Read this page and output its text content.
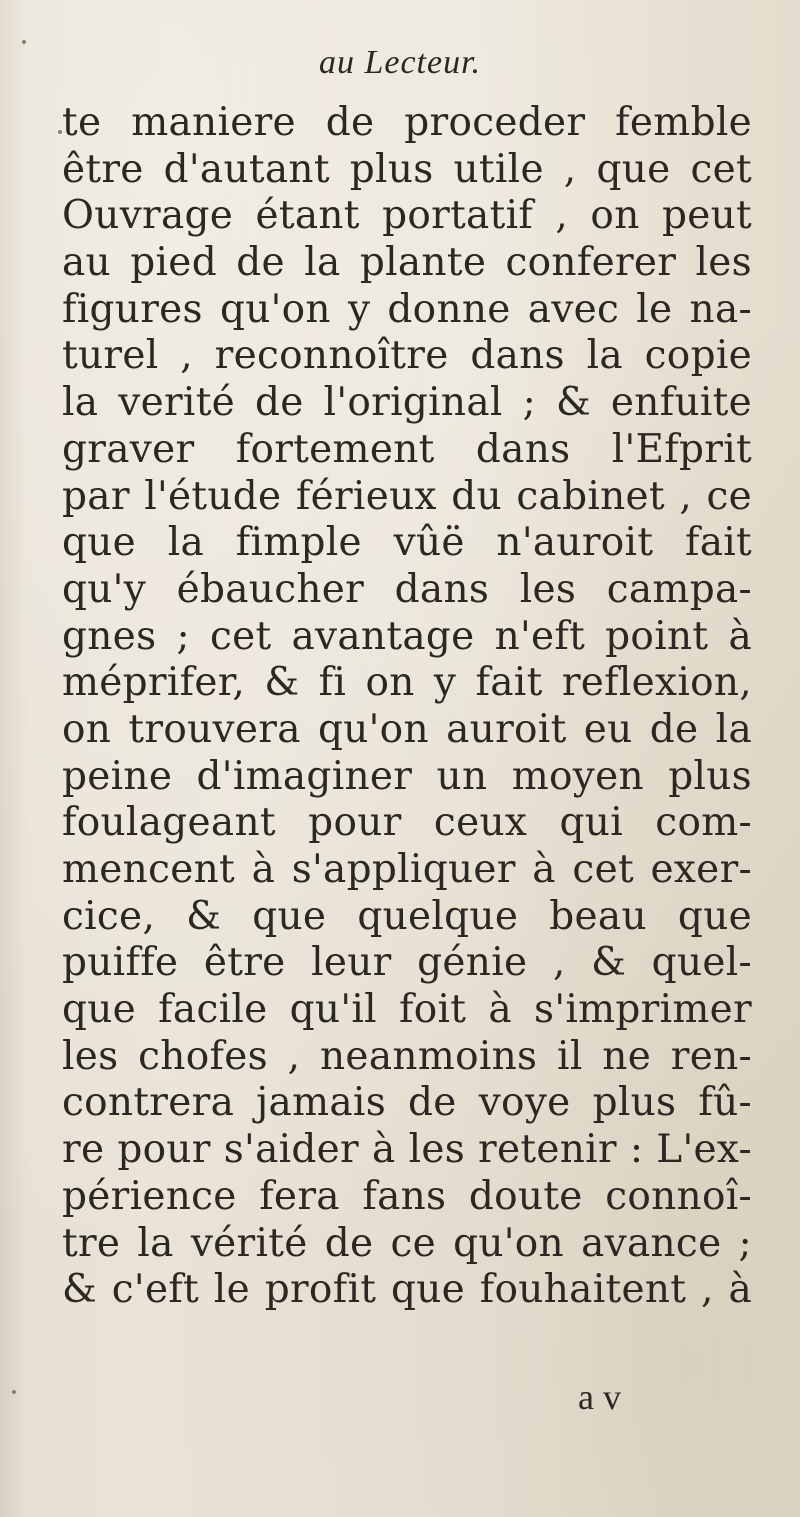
au Lecteur.
te maniere de proceder femble
être d'autant plus utile , que cet
Ouvrage étant portatif , on peut
au pied de la plante conferer les
figures qu'on y donne avec le na-
turel , reconnoître dans la copie
la verité de l'original ; & enfuite
graver fortement dans l'Efprit
par l'étude férieux du cabinet , ce
que la fimple vûë n'auroit fait
qu'y ébaucher dans les campa-
gnes ; cet avantage n'eft point à
méprifer, & fi on y fait reflexion,
on trouvera qu'on auroit eu de la
peine d'imaginer un moyen plus
foulageant pour ceux qui com-
mencent à s'appliquer à cet exer-
cice, & que quelque beau que
puiffe être leur génie , & quel-
que facile qu'il foit à s'imprimer
les chofes , neanmoins il ne ren-
contrera jamais de voye plus fû-
re pour s'aider à les retenir : L'ex-
périence fera fans doute connoî-
tre la vérité de ce qu'on avance ;
& c'eft le profit que fouhaitent , à
a v
